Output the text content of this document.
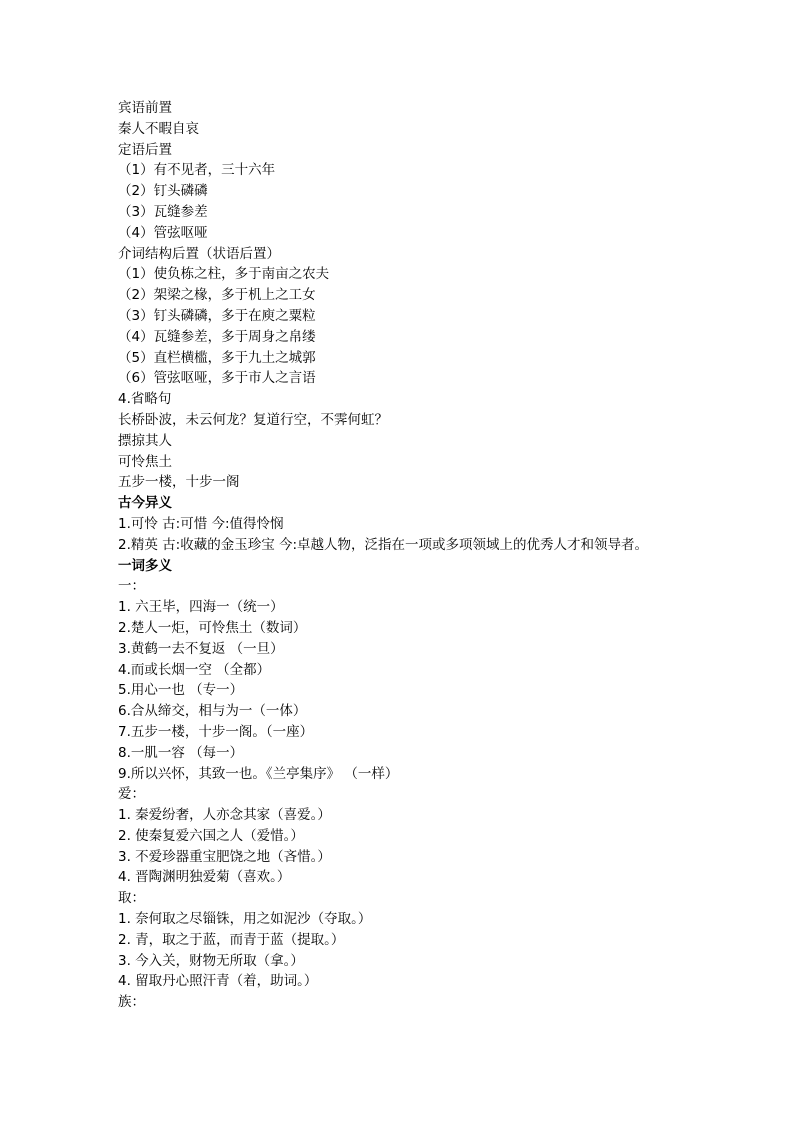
宾语前置
秦人不暇自哀
定语后置
（1）有不见者，三十六年
（2）钉头磷磷
（3）瓦缝参差
（4）管弦呕哑
介词结构后置（状语后置）
（1）使负栋之柱，多于南亩之农夫
（2）架梁之椽，多于机上之工女
（3）钉头磷磷，多于在庾之粟粒
（4）瓦缝参差，多于周身之帛缕
（5）直栏横槛，多于九土之城郭
（6）管弦呕哑，多于市人之言语
4.省略句
长桥卧波，未云何龙？复道行空，不霁何虹？
摽掠其人
可怜焦土
五步一楼，十步一阁
古今异义
1.可怜 古:可惜 今:值得怜悯
2.精英 古:收藏的金玉珍宝 今:卓越人物，泛指在一项或多项领域上的优秀人才和领导者。
一词多义
一：
1. 六王毕，四海一（统一）
2.楚人一炬，可怜焦土（数词）
3.黄鹤一去不复返 （一旦）
4.而或长烟一空 （全都）
5.用心一也 （专一）
6.合从缔交，相与为一（一体）
7.五步一楼，十步一阁。（一座）
8.一肌一容 （每一）
9.所以兴怀，其致一也。《兰亭集序》 （一样）
爱：
1. 秦爱纷奢，人亦念其家（喜爱。）
2. 使秦复爱六国之人（爱惜。）
3. 不爱珍器重宝肥饶之地（吝惜。）
4. 晋陶渊明独爱菊（喜欢。）
取：
1. 奈何取之尽锱铢，用之如泥沙（夺取。）
2. 青，取之于蓝，而青于蓝（提取。）
3. 今入关，财物无所取（拿。）
4. 留取丹心照汗青（着，助词。）
族：
